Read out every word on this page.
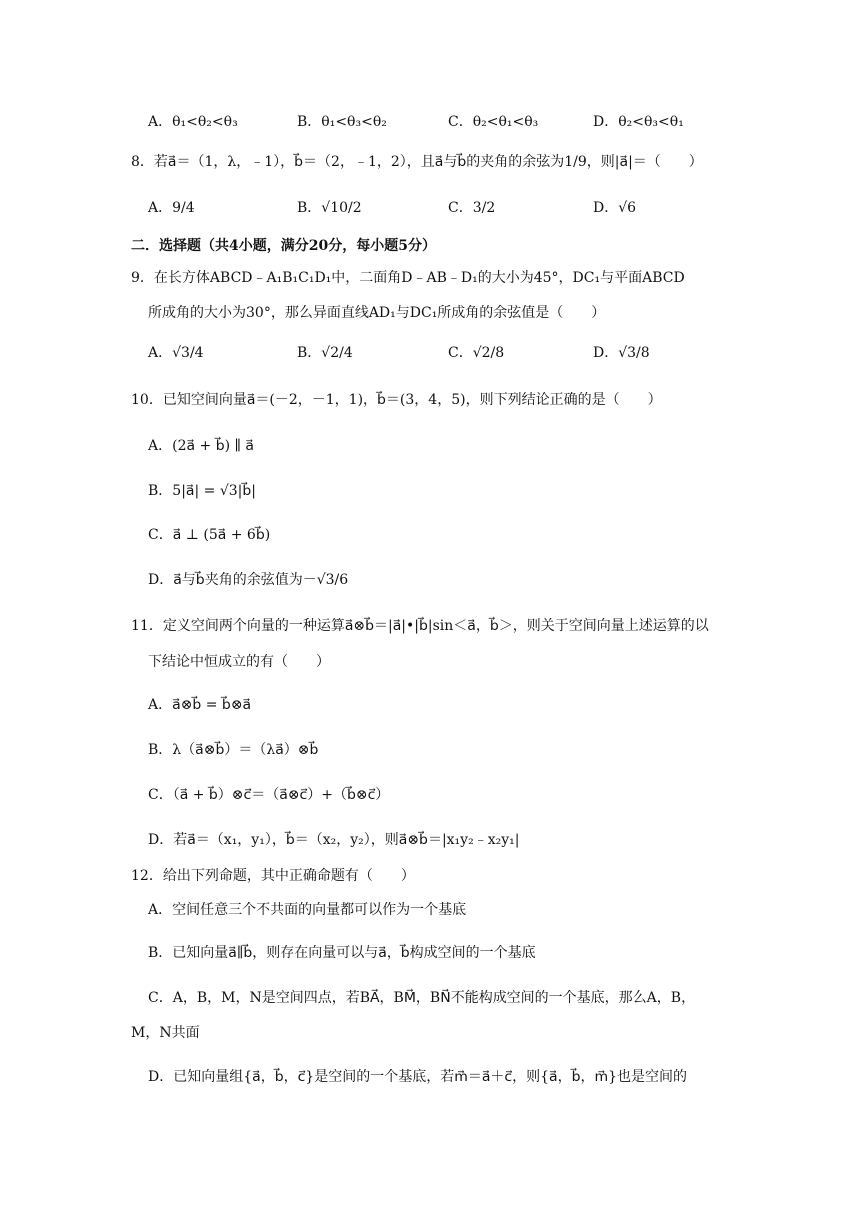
A．θ₁<θ₂<θ₃	B．θ₁<θ₃<θ₂	C．θ₂<θ₁<θ₃	D．θ₂<θ₃<θ₁
8．若a⃗＝（1，λ，﹣1），b⃗＝（2，﹣1，2），且a⃗与b⃗的夹角的余弦为1/9，则|a⃗|＝（　　）
A．9/4	B．√10/2	C．3/2	D．√6
二．选择题（共4小题，满分20分，每小题5分）
9．在长方体ABCD﹣A₁B₁C₁D₁中，二面角D﹣AB﹣D₁的大小为45°，DC₁与平面ABCD
所成角的大小为30°，那么异面直线AD₁与DC₁所成角的余弦值是（　　）
A．√3/4	B．√2/4	C．√2/8	D．√3/8
10．已知空间向量a⃗＝(－2，－1，1)，b⃗＝(3，4，5)，则下列结论正确的是（　　）
A．(2a⃗ + b⃗) ∥ a⃗
B．5|a⃗| = √3|b⃗|
C．a⃗ ⊥ (5a⃗ + 6b⃗)
D．a⃗与b⃗夹角的余弦值为－√3/6
11．定义空间两个向量的一种运算a⃗⊗b⃗＝|a⃗|•|b⃗|sin＜a⃗，b⃗＞，则关于空间向量上述运算的以
下结论中恒成立的有（　　）
A．a⃗⊗b⃗ = b⃗⊗a⃗
B．λ（a⃗⊗b⃗）＝（λa⃗）⊗b⃗
C．（a⃗ + b⃗）⊗c⃗＝（a⃗⊗c⃗）+（b⃗⊗c⃗）
D．若a⃗＝（x₁，y₁），b⃗＝（x₂，y₂），则a⃗⊗b⃗＝|x₁y₂﹣x₂y₁|
12．给出下列命题，其中正确命题有（　　）
A．空间任意三个不共面的向量都可以作为一个基底
B．已知向量a⃗∥b⃗，则存在向量可以与a⃗，b⃗构成空间的一个基底
C．A，B，M，N是空间四点，若BA⃗，BM⃗，BN⃗不能构成空间的一个基底，那么A，B，
M，N共面
D．已知向量组{a⃗，b⃗，c⃗}是空间的一个基底，若m⃗＝a⃗＋c⃗，则{a⃗，b⃗，m⃗}也是空间的
